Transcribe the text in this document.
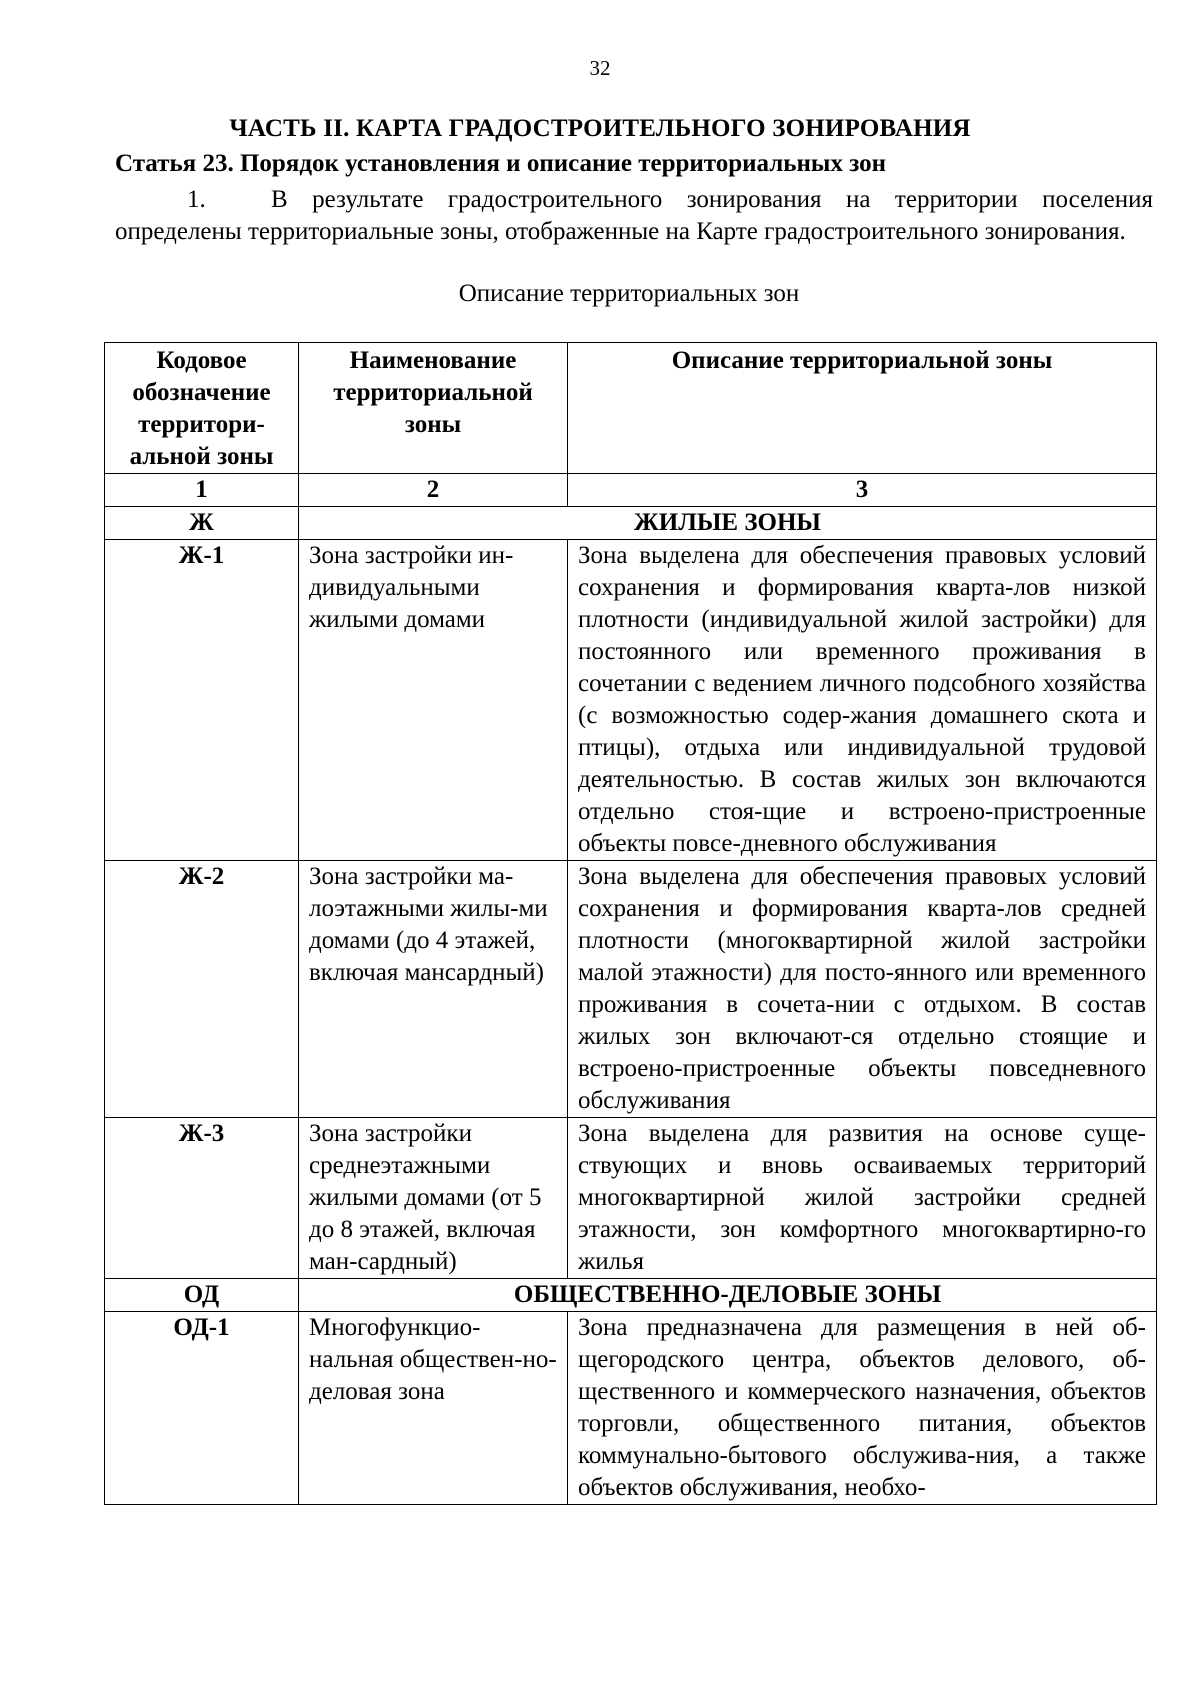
32
ЧАСТЬ II. КАРТА ГРАДОСТРОИТЕЛЬНОГО ЗОНИРОВАНИЯ
Статья 23. Порядок установления и описание территориальных зон
1.	В результате градостроительного зонирования на территории поселения определены территориальные зоны, отображенные на Карте градостроительного зонирования.
Описание территориальных зон
Кодовое обозначение территори-альной зоны	Наименование территориальной зоны	Описание территориальной зоны
1	2	3
Ж	ЖИЛЫЕ ЗОНЫ	
Ж-1	Зона застройки ин-дивидуальными жилыми домами	Зона выделена для обеспечения правовых условий сохранения и формирования кварта-лов низкой плотности (индивидуальной жилой застройки) для постоянного или временного проживания в сочетании с ведением личного подсобного хозяйства (с возможностью содер-жания домашнего скота и птицы), отдыха или индивидуальной трудовой деятельностью. В состав жилых зон включаются отдельно стоя-щие и встроено-пристроенные объекты повсе-дневного обслуживания
Ж-2	Зона застройки ма-лоэтажными жилы-ми домами (до 4 этажей, включая мансардный)	Зона выделена для обеспечения правовых условий сохранения и формирования кварта-лов средней плотности (многоквартирной жилой застройки малой этажности) для посто-янного или временного проживания в сочета-нии с отдыхом. В состав жилых зон включают-ся отдельно стоящие и встроено-пристроенные объекты повседневного обслуживания
Ж-3	Зона застройки среднеэтажными жилыми домами (от 5 до 8 этажей, включая ман-сардный)	Зона выделена для развития на основе суще-ствующих и вновь осваиваемых территорий многоквартирной жилой застройки средней этажности, зон комфортного многоквартирно-го жилья
ОД	ОБЩЕСТВЕННО-ДЕЛОВЫЕ ЗОНЫ	
ОД-1	Многофункцио-нальная обществен-но-деловая зона	Зона предназначена для размещения в ней об-щегородского центра, объектов делового, об-щественного и коммерческого назначения, объектов торговли, общественного питания, объектов коммунально-бытового обслужива-ния, а также объектов обслуживания, необхо-
